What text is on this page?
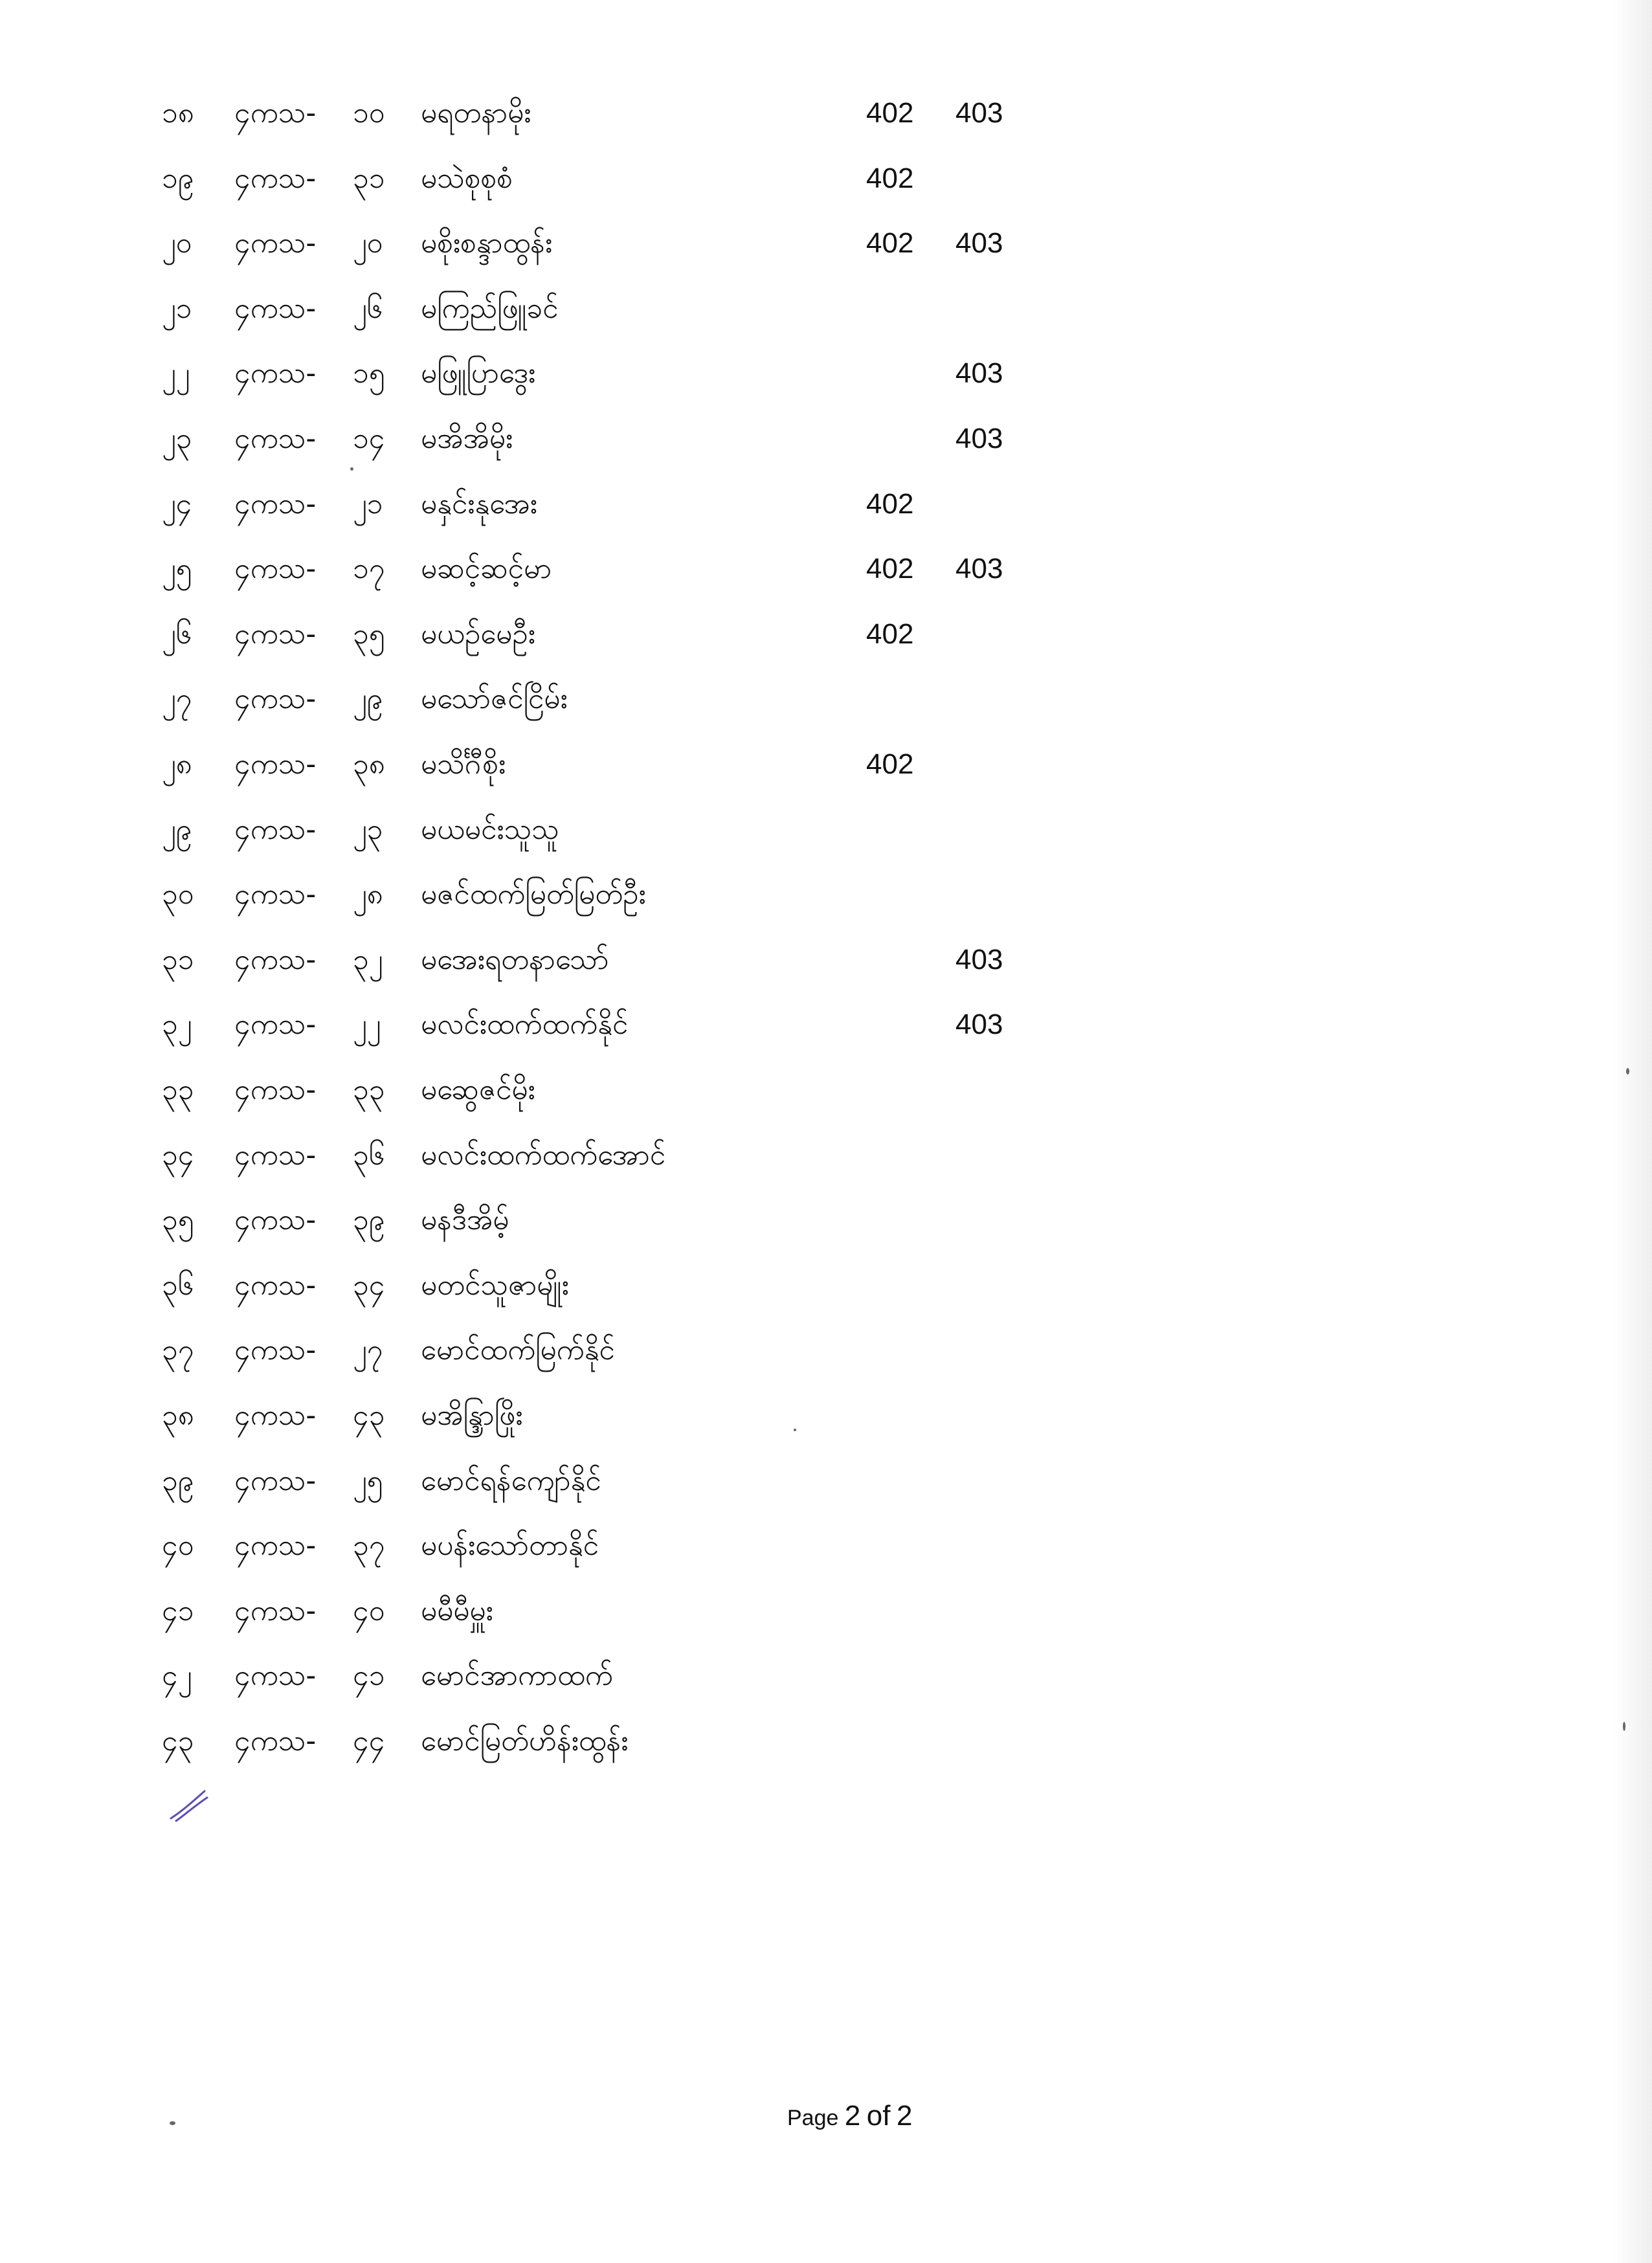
၁၈ ၄ကသ- ၁၀ မရတနာမိုး	402 403
၁၉ ၄ကသ- ၃၁ မသဲစုစုစံ	402
၂၀ ၄ကသ- ၂၀ မစိုးစန္ဒာထွန်း	402 403
၂၁ ၄ကသ- ၂၆ မကြည်ဖြူခင်
၂၂ ၄ကသ- ၁၅ မဖြူပြာဒွေး	403
၂၃ ၄ကသ- ၁၄ မအိအိမိုး	403
၂၄ ၄ကသ- ၂၁ မနှင်းနုအေး	402
၂၅ ၄ကသ- ၁၇ မဆင့်ဆင့်မာ	402 403
၂၆ ၄ကသ- ၃၅ မယဉ်မေဦး	402
၂၇ ၄ကသ- ၂၉ မသော်ဇင်ငြိမ်း
၂၈ ၄ကသ- ၃၈ မသိင်္ဂီစိုး	402
၂၉ ၄ကသ- ၂၃ မယမင်းသူသူ
၃၀ ၄ကသ- ၂၈ မဇင်ထက်မြတ်မြတ်ဦး
၃၁ ၄ကသ- ၃၂ မအေးရတနာသော်	403
၃၂ ၄ကသ- ၂၂ မလင်းထက်ထက်နိုင်	403
၃၃ ၄ကသ- ၃၃ မဆွေဇင်မိုး
၃၄ ၄ကသ- ၃၆ မလင်းထက်ထက်အောင်
၃၅ ၄ကသ- ၃၉ မနဒီအိမ့်
၃၆ ၄ကသ- ၃၄ မတင်သူဇာမျိုး
၃၇ ၄ကသ- ၂၇ မောင်ထက်မြက်နိုင်
၃၈ ၄ကသ- ၄၃ မအိန္ဒြာဖြိုး
၃၉ ၄ကသ- ၂၅ မောင်ရန်ကျော်နိုင်
၄၀ ၄ကသ- ၃၇ မပန်းသော်တာနိုင်
၄၁ ၄ကသ- ၄၀ မမီမီမှူး
၄၂ ၄ကသ- ၄၁ မောင်အာကာထက်
၄၃ ၄ကသ- ၄၄ မောင်မြတ်ဟိန်းထွန်း
Page 2 of 2
